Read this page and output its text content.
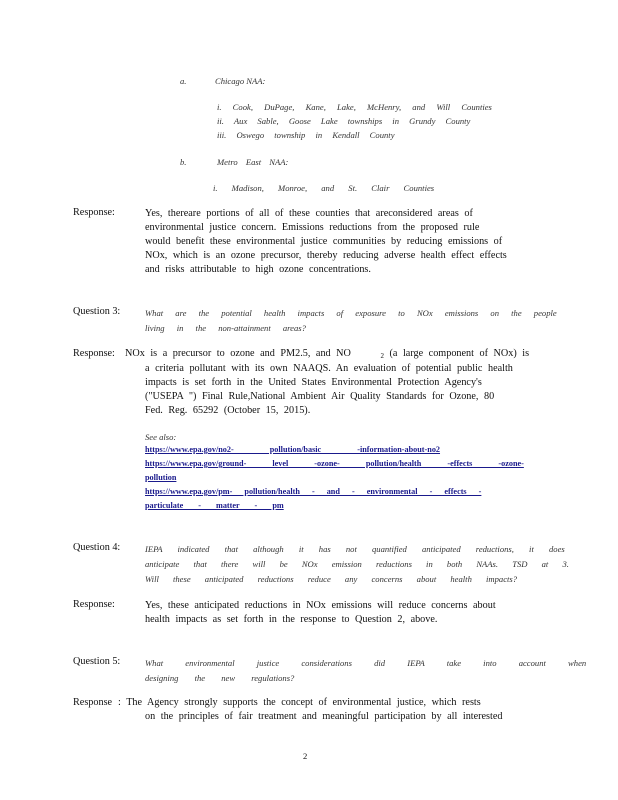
a.	Chicago NAA:
i. Cook, DuPage, Kane, Lake, McHenry, and Will Counties
ii. Aux Sable, Goose Lake townships in Grundy County
iii. Oswego township in Kendall County
b.	Metro East NAA:
i. Madison, Monroe, and St. Clair Counties
Response:	Yes, thereare portions of all of these counties that areconsidered areas of
environmental justice concern. Emissions reductions from the proposed rule
would benefit these environmental justice communities by reducing emissions of
NOx, which is an ozone precursor, thereby reducing adverse health effect effects
and risks attributable to high ozone concentrations.
Question 3:	What are the potential health impacts of exposure to NOx emissions on the people
living in the non-attainment areas?
Response: NOx is a precursor to ozone and PM2.5, and NO	$_2$ (a large component of NOx) is
a criteria pollutant with its own NAAQS. An evaluation of potential public health
impacts is set forth in the United States Environmental Protection Agency's
("USEPA ") Final Rule,National Ambient Air Quality Standards for Ozone, 80
Fed. Reg. 65292 (October 15, 2015).
See also:
https://www.epa.gov/no2- pollution/basic -information-about-no2
https://www.epa.gov/ground- level -ozone- pollution/health -effects -ozone-
pollution
https://www.epa.gov/pm- pollution/health - and - environmental - effects -
particulate - matter - pm
Question 4:	IEPA indicated that although it has not quantified anticipated reductions, it does
anticipate that there will be NOx emission reductions in both NAAs. TSD at 3.
Will these anticipated reductions reduce any concerns about health impacts?
Response:	Yes, these anticipated reductions in NOx emissions will reduce concerns about
health impacts as set forth in the response to Question 2, above.
Question 5:	What environmental justice considerations did IEPA take into account when
designing the new regulations?
Response : The Agency strongly supports the concept of environmental justice, which rests
on the principles of fair treatment and meaningful participation by all interested
2
